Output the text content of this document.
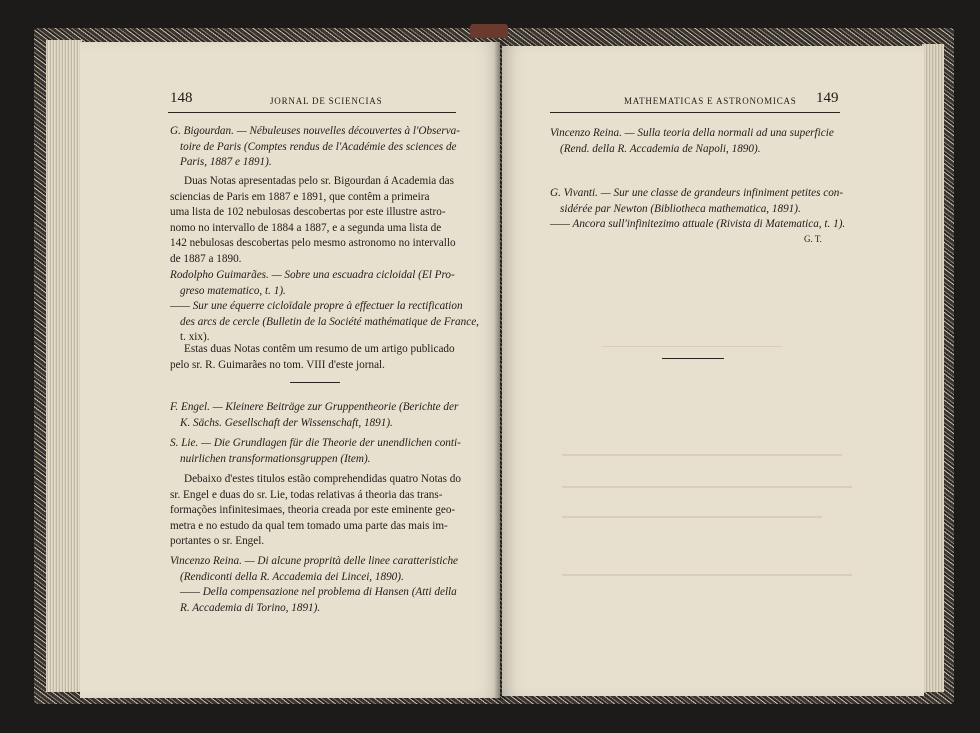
148	JORNAL DE SCIENCIAS
G. Bigourdan. — Nébuleuses nouvelles découvertes à l'Observa-
toire de Paris (Comptes rendus de l'Académie des sciences de
Paris, 1887 e 1891).
Duas Notas apresentadas pelo sr. Bigourdan á Academia das
sciencias de Paris em 1887 e 1891, que contêm a primeira
uma lista de 102 nebulosas descobertas por este illustre astro-
nomo no intervallo de 1884 a 1887, e a segunda uma lista de
142 nebulosas descobertas pelo mesmo astronomo no intervallo
de 1887 a 1890.
Rodolpho Guimarães. — Sobre una escuadra cicloidal (El Pro-
greso matematico, t. 1).
—— Sur une équerre cicloïdale propre à effectuer la rectification
des arcs de cercle (Bulletin de la Société mathématique de France,
t. xix).
Estas duas Notas contêm um resumo de um artigo publicado
pelo sr. R. Guimarães no tom. VIII d'este jornal.
F. Engel. — Kleinere Beiträge zur Gruppentheorie (Berichte der
K. Sächs. Gesellschaft der Wissenschaft, 1891).
S. Lie. — Die Grundlagen für die Theorie der unendlichen conti-
nuirlichen transformationsgruppen (Item).
Debaixo d'estes titulos estão comprehendidas quatro Notas do
sr. Engel e duas do sr. Lie, todas relativas á theoria das trans-
formações infinitesimaes, theoria creada por este eminente geo-
metra e no estudo da qual tem tomado uma parte das mais im-
portantes o sr. Engel.
Vincenzo Reina. — Di alcune proprità delle linee caratteristiche
(Rendiconti della R. Accademia dei Lincei, 1890).
—— Della compensazione nel problema di Hansen (Atti della
R. Accademia di Torino, 1891).
MATHEMATICAS E ASTRONOMICAS 149
Vincenzo Reina. — Sulla teoria della normali ad una superficie
(Rend. della R. Accademia de Napoli, 1890).
G. Vivanti. — Sur une classe de grandeurs infiniment petites con-
sidérée par Newton (Bibliotheca mathematica, 1891).
—— Ancora sull'infinitezimo attuale (Rivista di Matematica, t. 1).
G. T.
